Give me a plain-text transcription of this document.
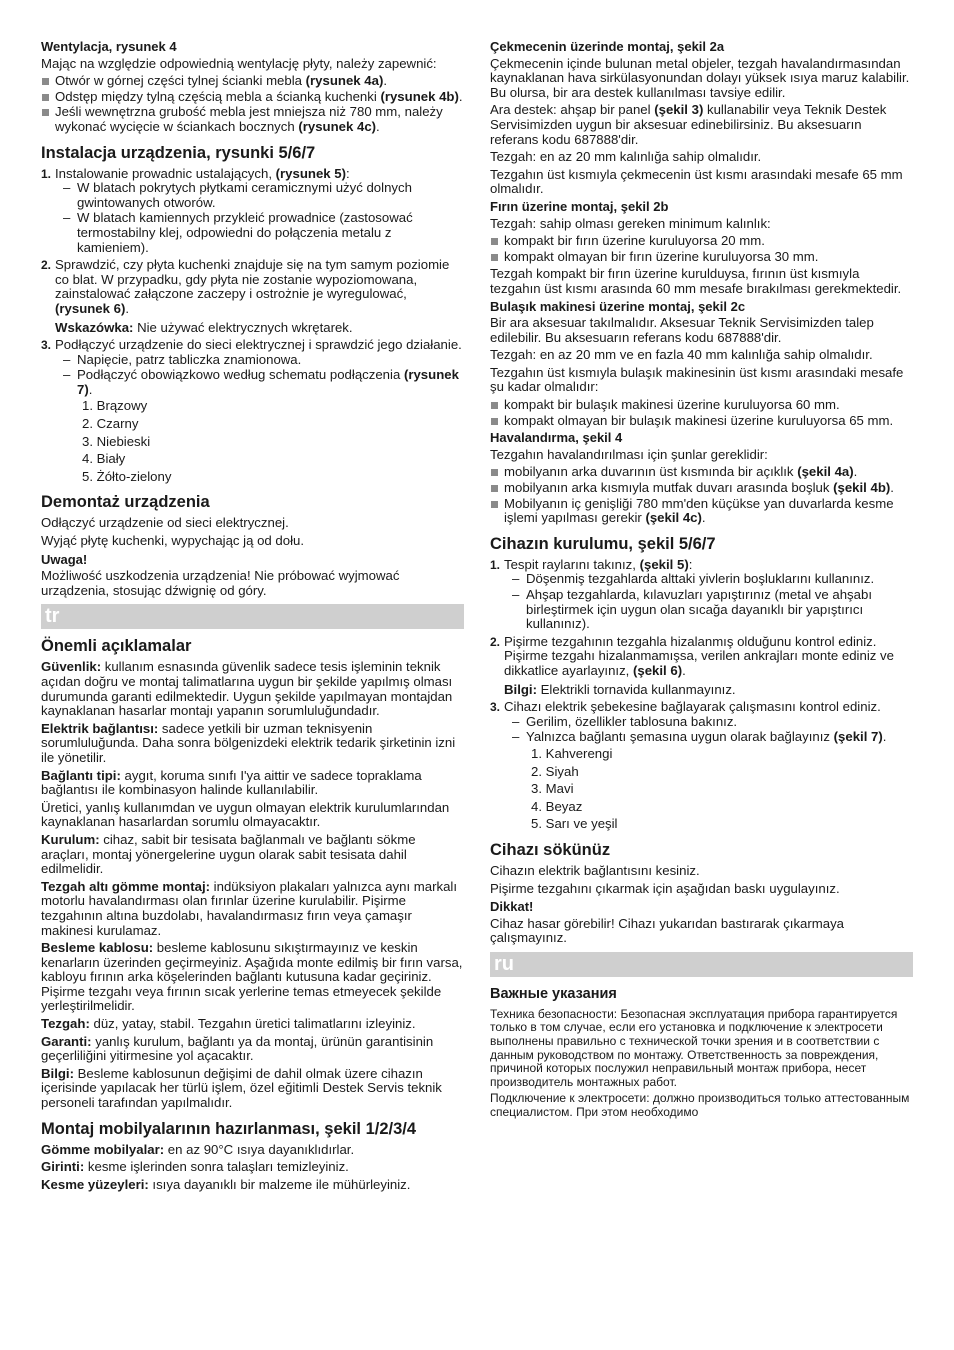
Wentylacja, rysunek 4

Mając na względzie odpowiednią wentylację płyty, należy zapewnić:

Otwór w górnej części tylnej ścianki mebla (rysunek 4a).
Odstęp między tylną częścią mebla a ścianką kuchenki (rysunek 4b).
Jeśli wewnętrzna grubość mebla jest mniejsza niż 780 mm, należy wykonać wycięcie w ściankach bocznych (rysunek 4c).
Instalacja urządzenia, rysunki 5/6/7
1. Instalowanie prowadnic ustalających, (rysunek 5):
– W blatach pokrytych płytkami ceramicznymi użyć dolnych gwintowanych otworów.
– W blatach kamiennych przykleić prowadnice (zastosować termostabilny klej, odpowiedni do połączenia metalu z kamieniem).
2. Sprawdzić, czy płyta kuchenki znajduje się na tym samym poziomie co blat. W przypadku, gdy płyta nie zostanie wypoziomowana, zainstalować załączone zaczepy i ostrożnie je wyregulować, (rysunek 6).
Wskazówka: Nie używać elektrycznych wkrętarek.
3. Podłączyć urządzenie do sieci elektrycznej i sprawdzić jego działanie.
– Napięcie, patrz tabliczka znamionowa.
– Podłączyć obowiązkowo według schematu podłączenia (rysunek 7).
1. Brązowy
2. Czarny
3. Niebieski
4. Biały
5. Żółto-zielony
Demontaż urządzenia

Odłączyć urządzenie od sieci elektrycznej.

Wyjąć płytę kuchenki, wypychając ją od dołu.

Uwaga!

Możliwość uszkodzenia urządzenia! Nie próbować wyjmować urządzenia, stosując dźwignię od góry.

tr
Önemli açıklamalar

Güvenlik: kullanım esnasında güvenlik sadece tesis işleminin teknik açıdan doğru ve montaj talimatlarına uygun bir şekilde yapılmış olması durumunda garanti edilmektedir. Uygun şekilde yapılmayan montajdan kaynaklanan hasarlar montajı yapanın sorumluluğundadır.

Elektrik bağlantısı: sadece yetkili bir uzman teknisyenin sorumluluğunda. Daha sonra bölgenizdeki elektrik tedarik şirketinin izni ile yönetilir.

Bağlantı tipi: aygıt, koruma sınıfı I'ya aittir ve sadece topraklama bağlantısı ile kombinasyon halinde kullanılabilir.

Üretici, yanlış kullanımdan ve uygun olmayan elektrik kurulumlarından kaynaklanan hasarlardan sorumlu olmayacaktır.

Kurulum: cihaz, sabit bir tesisata bağlanmalı ve bağlantı sökme araçları, montaj yönergelerine uygun olarak sabit tesisata dahil edilmelidir.

Tezgah altı gömme montaj: indüksiyon plakaları yalnızca aynı markalı motorlu havalandırması olan fırınlar üzerine kurulabilir. Pişirme tezgahının altına buzdolabı, havalandırmasız fırın veya çamaşır makinesi kurulamaz.

Besleme kablosu: besleme kablosunu sıkıştırmayınız ve keskin kenarların üzerinden geçirmeyiniz. Aşağıda monte edilmiş bir fırın varsa, kabloyu fırının arka köşelerinden bağlantı kutusuna kadar geçiriniz. Pişirme tezgahı veya fırının sıcak yerlerine temas etmeyecek şekilde yerleştirilmelidir.

Tezgah: düz, yatay, stabil. Tezgahın üretici talimatlarını izleyiniz.

Garanti: yanlış kurulum, bağlantı ya da montaj, ürünün garantisinin geçerliliğini yitirmesine yol açacaktır.

Bilgi: Besleme kablosunun değişimi de dahil olmak üzere cihazın içerisinde yapılacak her türlü işlem, özel eğitimli Destek Servis teknik personeli tarafından yapılmalıdır.

Montaj mobilyalarının hazırlanması, şekil 1/2/3/4

Gömme mobilyalar: en az 90°C ısıya dayanıklıdırlar.

Girinti: kesme işlerinden sonra talaşları temizleyiniz.

Kesme yüzeyleri: ısıya dayanıklı bir malzeme ile mühürleyiniz.

Çekmecenin üzerinde montaj, şekil 2a

Çekmecenin içinde bulunan metal objeler, tezgah havalandırmasından kaynaklanan hava sirkülasyonundan dolayı yüksek ısıya maruz kalabilir. Bu olursa, bir ara destek kullanılması tavsiye edilir.

Ara destek: ahşap bir panel (şekil 3) kullanabilir veya Teknik Destek Servisimizden uygun bir aksesuar edinebilirsiniz. Bu aksesuarın referans kodu 687888'dir.

Tezgah: en az 20 mm kalınlığa sahip olmalıdır.

Tezgahın üst kısmıyla çekmecenin üst kısmı arasındaki mesafe 65 mm olmalıdır.

Fırın üzerine montaj, şekil 2b

Tezgah: sahip olması gereken minimum kalınlık:

kompakt bir fırın üzerine kuruluyorsa 20 mm.
kompakt olmayan bir fırın üzerine kuruluyorsa 30 mm.

Tezgah kompakt bir fırın üzerine kurulduysa, fırının üst kısmıyla tezgahın üst kısmı arasında 60 mm mesafe bırakılması gerekmektedir.

Bulaşık makinesi üzerine montaj, şekil 2c

Bir ara aksesuar takılmalıdır. Aksesuar Teknik Servisimizden talep edilebilir. Bu aksesuarın referans kodu 687888'dir.

Tezgah: en az 20 mm ve en fazla 40 mm kalınlığa sahip olmalıdır.

Tezgahın üst kısmıyla bulaşık makinesinin üst kısmı arasındaki mesafe şu kadar olmalıdır:

kompakt bir bulaşık makinesi üzerine kuruluyorsa 60 mm.
kompakt olmayan bir bulaşık makinesi üzerine kuruluyorsa 65 mm.
Havalandırma, şekil 4

Tezgahın havalandırılması için şunlar gereklidir:

mobilyanın arka duvarının üst kısmında bir açıklık (şekil 4a).
mobilyanın arka kısmıyla mutfak duvarı arasında boşluk (şekil 4b).
Mobilyanın iç genişliği 780 mm'den küçükse yan duvarlarda kesme işlemi yapılması gerekir (şekil 4c).
Cihazın kurulumu, şekil 5/6/7
1. Tespit raylarını takınız, (şekil 5):
– Döşenmiş tezgahlarda alttaki yivlerin boşluklarını kullanınız.
– Ahşap tezgahlarda, kılavuzları yapıştırınız (metal ve ahşabı birleştirmek için uygun olan sıcağa dayanıklı bir yapıştırıcı kullanınız).
2. Pişirme tezgahının tezgahla hizalanmış olduğunu kontrol ediniz. Pişirme tezgahı hizalanmamışsa, verilen ankrajları monte ediniz ve dikkatlice ayarlayınız, (şekil 6).
Bilgi: Elektrikli tornavida kullanmayınız.
3. Cihazı elektrik şebekesine bağlayarak çalışmasını kontrol ediniz.
– Gerilim, özellikler tablosuna bakınız.
– Yalnızca bağlantı şemasına uygun olarak bağlayınız (şekil 7).
1. Kahverengi
2. Siyah
3. Mavi
4. Beyaz
5. Sarı ve yeşil
Cihazı sökünüz

Cihazın elektrik bağlantısını kesiniz.

Pişirme tezgahını çıkarmak için aşağıdan baskı uygulayınız.

Dikkat!

Cihaz hasar görebilir! Cihazı yukarıdan bastırarak çıkarmaya çalışmayınız.

ru
Важные указания

Техника безопасности: Безопасная эксплуатация прибора гарантируется только в том случае, если его установка и подключение к электросети выполнены правильно с технической точки зрения и в соответствии с данным руководством по монтажу. Ответственность за повреждения, причиной которых послужил неправильный монтаж прибора, несет производитель монтажных работ.

Подключение к электросети: должно производиться только аттестованным специалистом. При этом необходимо
